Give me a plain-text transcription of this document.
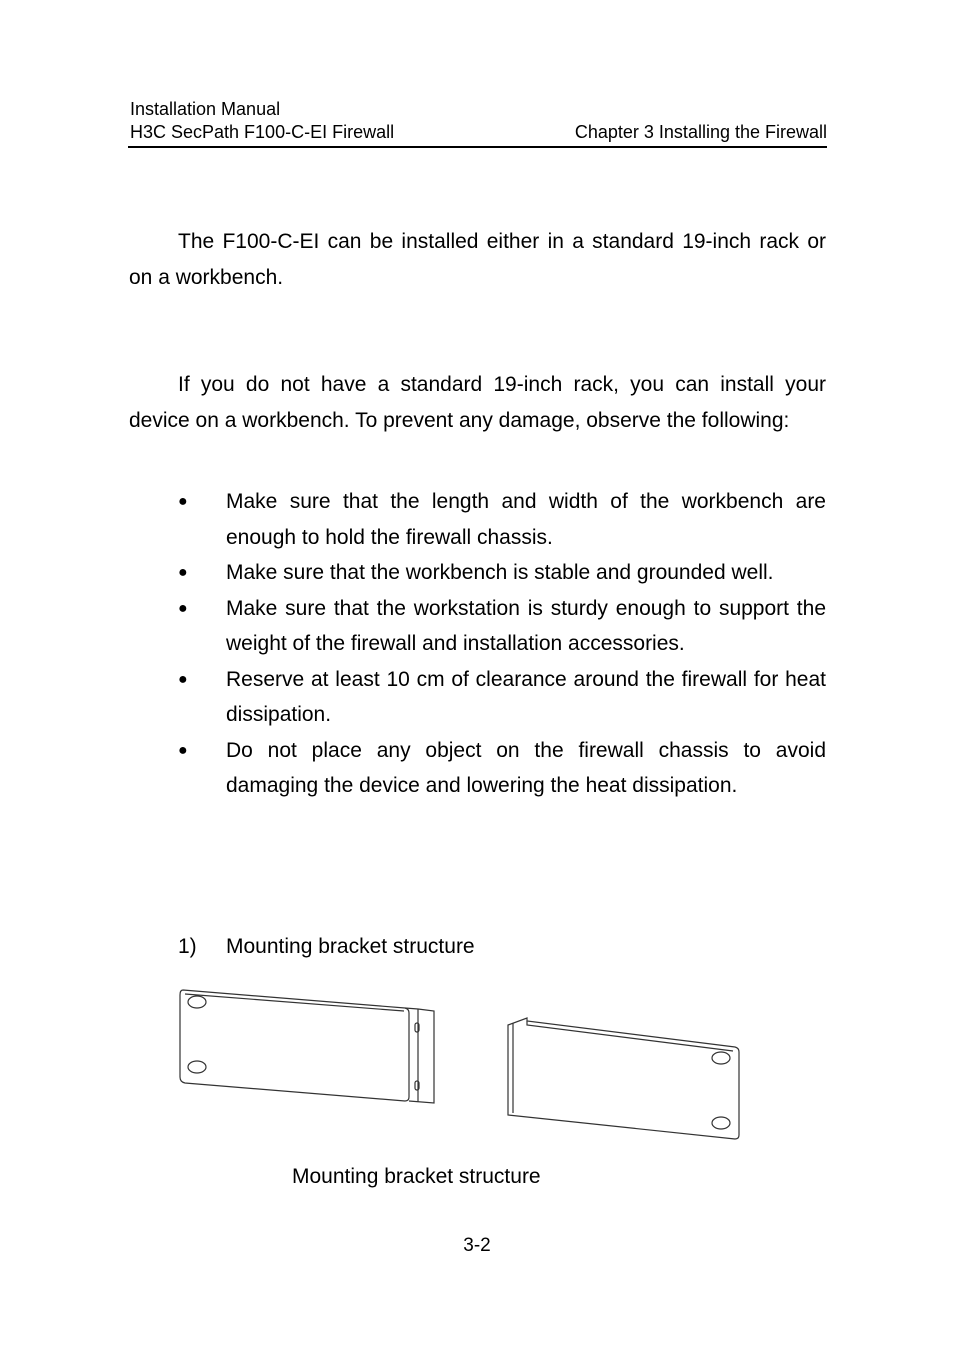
Installation Manual
H3C SecPath F100-C-EI Firewall	Chapter 3 Installing the Firewall

The F100-C-EI can be installed either in a standard 19-inch rack or on a workbench.

If you do not have a standard 19-inch rack, you can install your device on a workbench. To prevent any damage, observe the following:

● Make sure that the length and width of the workbench are enough to hold the firewall chassis.
● Make sure that the workbench is stable and grounded well.
● Make sure that the workstation is sturdy enough to support the weight of the firewall and installation accessories.
● Reserve at least 10 cm of clearance around the firewall for heat dissipation.
● Do not place any object on the firewall chassis to avoid damaging the device and lowering the heat dissipation.
1) Mounting bracket structure
Mounting bracket structure
3-2
